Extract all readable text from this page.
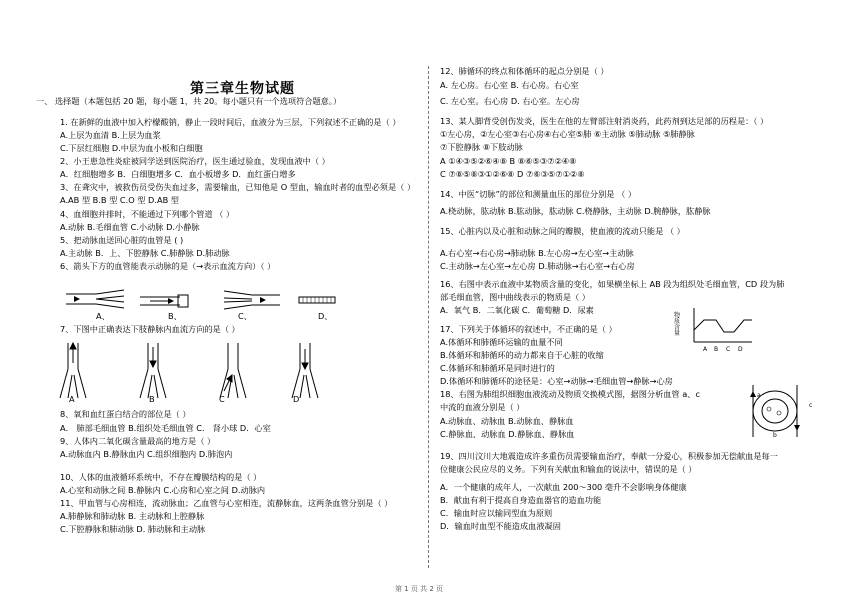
第三章生物试题
一、 选择题（本题包括 20 题，每小题 1，共 20。每小题只有一个选项符合题意。）
1. 在新鲜的血液中加入柠檬酸钠，静止一段时间后，血液分为三层，下列叙述不正确的是（ ）
A.上层为血清 B.上层为血浆
C.下层红细胞 D.中层为血小板和白细胞
2、小王患急性炎症被同学送到医院治疗，医生通过验血，发现血液中（ ）
A．红细胞增多 B．白细胞增多 C．血小板增多 D．血红蛋白增多
3、在聋灾中，被救伤员受伤失血过多，需要输血，已知他是 O 型血，输血时者的血型必须是（ ）
A.AB 型 B.B 型 C.O 型 D.AB 型
4、血细胞并排时，不能通过下列哪个管道 （ ）
A.动脉 B.毛细血管 C.小动脉 D.小静脉
5、把动脉血送回心脏的血管是 ( )
A.主动脉 B．上、下腔静脉 C.肺静脉 D.肺动脉
6、箭头下方的血管能表示动脉的是（→表示血流方向）（ ）
A、	B、	C、	D、
7、下图中正确表达下肢静脉内血流方向的是（ ）
8、氧和血红蛋白结合的部位是（ ）
A． 肺部毛细血管 B.组织处毛细血管 C． 肾小球 D．心室
9、人体内二氧化碳含量最高的地方是（ ）
A.动脉血内 B.静脉血内 C.组织细胞内 D.肺泡内
10、人体的血液循环系统中，不存在瓣膜结构的是（ ）
A.心室和动脉之间 B.静脉内 C.心房和心室之间 D.动脉内
11、甲血管与心房相连，流动脉血；乙血管与心室相连，流静脉血，这两条血管分别是（ ）
A.肺静脉和肺动脉 B. 主动脉和上腔静脉
C.下腔静脉和肺动脉 D. 肺动脉和主动脉
12、肺循环的终点和体循环的起点分别是（ ）
A. 左心房。右心室 B. 右心房。右心室
C. 左心室。右心房 D. 右心室。左心房
13、某人脚背受创伤发炎，医生在他的左臂部注射消炎药，此药剂到达足部的历程是：（ ）
①左心房，②左心室③右心房④右心室⑤肺 ⑥主动脉 ⑤肺动脉 ⑤肺静脉
⑦下腔静脉 ⑧下肢动脉
A ①④③⑤②⑥④⑧ B ⑧⑥⑤③⑦②④⑧
C ⑦⑧⑤⑧③①②⑥⑧ D ⑦⑥③⑤⑦①②⑧
14、中医“切脉”的部位和测量血压的部位分别是 （ ）
A.桡动脉，肱动脉 B.肱动脉，肱动脉 C.桡静脉，主动脉 D.腕静脉，肱静脉
15、心脏内以及心脏和动脉之间的瓣膜，使血液的流动只能是 （ ）
A.右心室→右心房→肺动脉 B.左心房→左心室→主动脉
C.主动脉→左心室→左心房 D.肺动脉→右心室→右心房
16、右图中表示血液中某物质含量的变化，如果横坐标上 AB 段为组织处毛细血管，CD 段为肺
部毛细血管，图中曲线表示的物质是（ ）
A．氧气 B．二氧化碳 C．葡萄糖 D．尿素
17、下列关于体循环的叙述中，不正确的是（ ）
A.体循环和肺循环运输的血量不同
B.体循环和肺循环的动力都来自于心脏的收缩
C.体循环和肺循环是同时进行的
D.体循环和肺循环的途径是：心室→动脉→毛细血管→静脉→心房
18、右图为肺组织细胞血液流动及物质交换模式图，据图分析血管 a、c
中流的血液分别是（ ）
A.动脉血、动脉血 B.动脉血、静脉血
C.静脉血、动脉血 D.静脉血、静脉血
19、四川汶川大地震造成许多重伤员需要输血治疗，奉献一分爱心，积极参加无偿献血是每一
位健康公民应尽的义务。下列有关献血和输血的说法中，错误的是（ ）
A．一个健康的成年人，一次献血 200～300 毫升不会影响身体健康
B．献血有利于提高自身造血器官的造血功能
C．输血时应以输同型血为原则
D．输血时血型不能造成血液凝固
A	B	C	D
物质含量
A B C D
a
b
c
第 1 页 共 2 页
